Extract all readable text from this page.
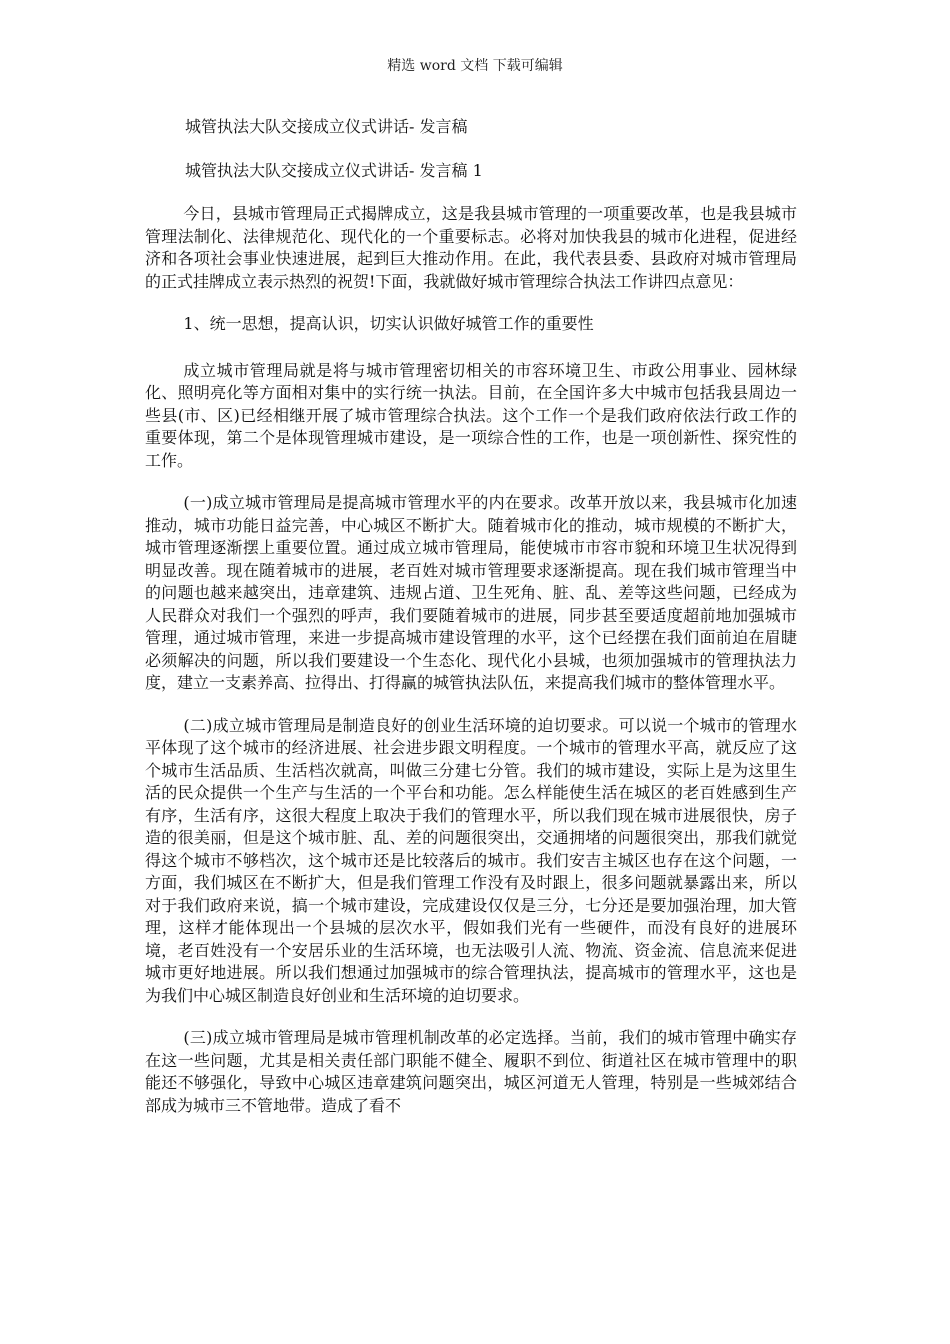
精选 word 文档 下载可编辑
城管执法大队交接成立仪式讲话- 发言稿
城管执法大队交接成立仪式讲话- 发言稿 1

今日，县城市管理局正式揭牌成立，这是我县城市管理的一项重要改革，也是我县城市管理法制化、法律规范化、现代化的一个重要标志。必将对加快我县的城市化进程，促进经济和各项社会事业快速进展，起到巨大推动作用。在此，我代表县委、县政府对城市管理局的正式挂牌成立表示热烈的祝贺!下面，我就做好城市管理综合执法工作讲四点意见：

1、统一思想，提高认识，切实认识做好城管工作的重要性

成立城市管理局就是将与城市管理密切相关的市容环境卫生、市政公用事业、园林绿化、照明亮化等方面相对集中的实行统一执法。目前，在全国许多大中城市包括我县周边一些县(市、区)已经相继开展了城市管理综合执法。这个工作一个是我们政府依法行政工作的重要体现，第二个是体现管理城市建设，是一项综合性的工作，也是一项创新性、探究性的工作。

(一)成立城市管理局是提高城市管理水平的内在要求。改革开放以来，我县城市化加速推动，城市功能日益完善，中心城区不断扩大。随着城市化的推动，城市规模的不断扩大，城市管理逐渐摆上重要位置。通过成立城市管理局，能使城市市容市貌和环境卫生状况得到明显改善。现在随着城市的进展，老百姓对城市管理要求逐渐提高。现在我们城市管理当中的问题也越来越突出，违章建筑、违规占道、卫生死角、脏、乱、差等这些问题，已经成为人民群众对我们一个强烈的呼声，我们要随着城市的进展，同步甚至要适度超前地加强城市管理，通过城市管理，来进一步提高城市建设管理的水平，这个已经摆在我们面前迫在眉睫必须解决的问题，所以我们要建设一个生态化、现代化小县城，也须加强城市的管理执法力度，建立一支素养高、拉得出、打得赢的城管执法队伍，来提高我们城市的整体管理水平。

(二)成立城市管理局是制造良好的创业生活环境的迫切要求。可以说一个城市的管理水平体现了这个城市的经济进展、社会进步跟文明程度。一个城市的管理水平高，就反应了这个城市生活品质、生活档次就高，叫做三分建七分管。我们的城市建设，实际上是为这里生活的民众提供一个生产与生活的一个平台和功能。怎么样能使生活在城区的老百姓感到生产有序，生活有序，这很大程度上取决于我们的管理水平，所以我们现在城市进展很快，房子造的很美丽，但是这个城市脏、乱、差的问题很突出，交通拥堵的问题很突出，那我们就觉得这个城市不够档次，这个城市还是比较落后的城市。我们安吉主城区也存在这个问题，一方面，我们城区在不断扩大，但是我们管理工作没有及时跟上，很多问题就暴露出来，所以对于我们政府来说，搞一个城市建设，完成建设仅仅是三分，七分还是要加强治理，加大管理，这样才能体现出一个县城的层次水平，假如我们光有一些硬件，而没有良好的进展环境，老百姓没有一个安居乐业的生活环境，也无法吸引人流、物流、资金流、信息流来促进城市更好地进展。所以我们想通过加强城市的综合管理执法，提高城市的管理水平，这也是为我们中心城区制造良好创业和生活环境的迫切要求。

(三)成立城市管理局是城市管理机制改革的必定选择。当前，我们的城市管理中确实存在这一些问题，尤其是相关责任部门职能不健全、履职不到位、街道社区在城市管理中的职能还不够强化，导致中心城区违章建筑问题突出，城区河道无人管理，特别是一些城郊结合部成为城市三不管地带。造成了看不
